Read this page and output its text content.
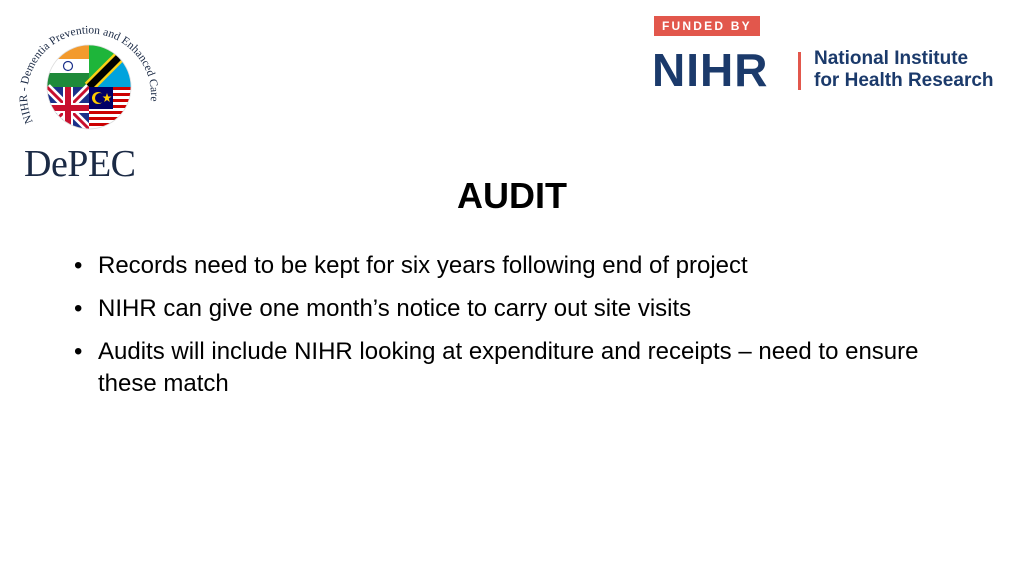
NIHR - Dementia Prevention and Enhanced Care
DePEC
FUNDED BY
NIHR National Institute
for Health Research
AUDIT
• Records need to be kept for six years following end of project
• NIHR can give one month’s notice to carry out site visits
• Audits will include NIHR looking at expenditure and receipts – need to ensure these match
